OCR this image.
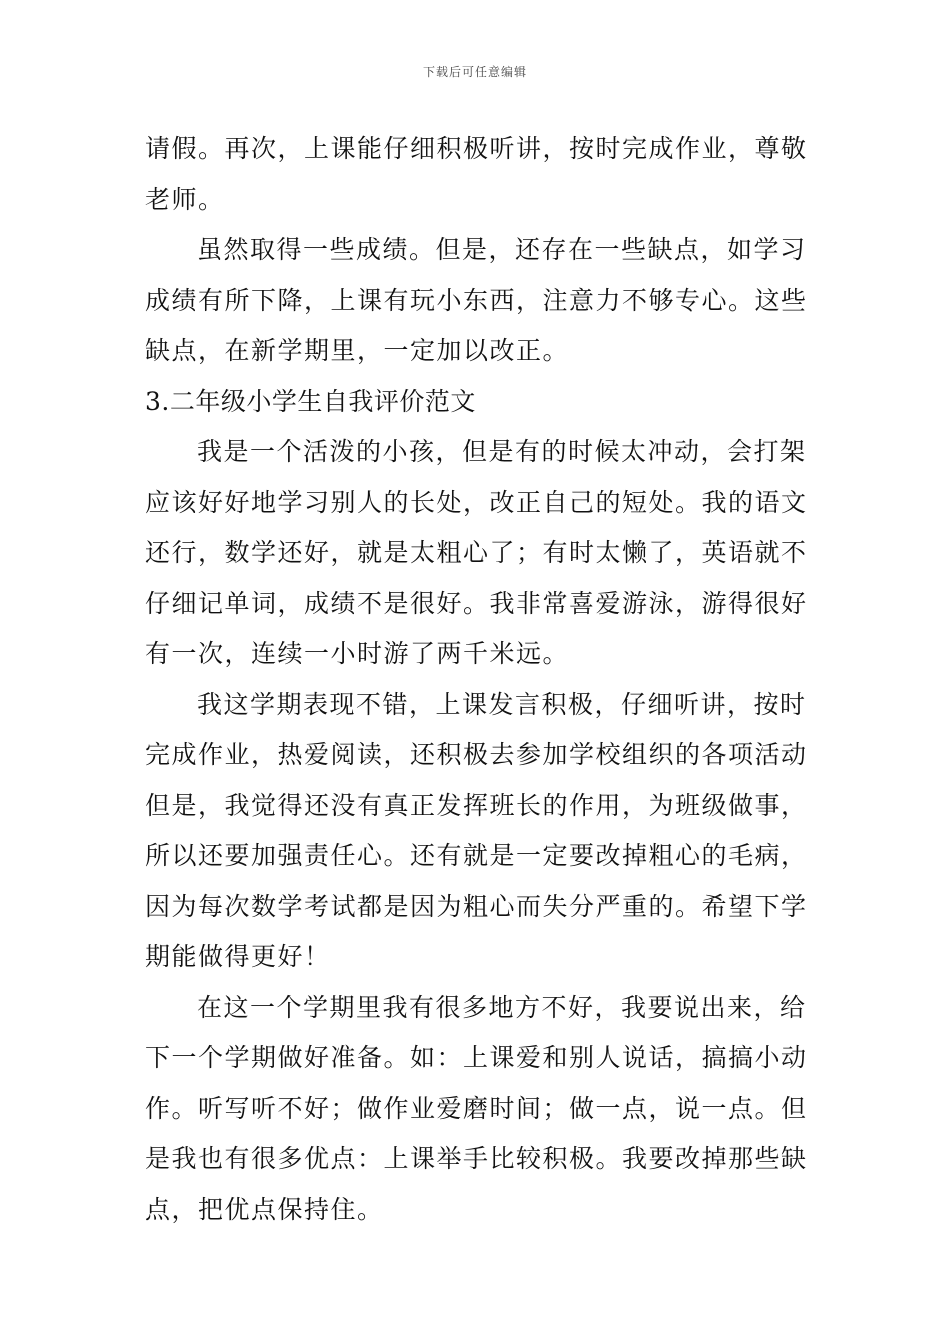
下载后可任意编辑
请假。再次，上课能仔细积极听讲，按时完成作业，尊敬
老师。
虽然取得一些成绩。但是，还存在一些缺点，如学习
成绩有所下降，上课有玩小东西，注意力不够专心。这些
缺点，在新学期里，一定加以改正。
3.二年级小学生自我评价范文
我是一个活泼的小孩，但是有的时候太冲动，会打架
应该好好地学习别人的长处，改正自己的短处。我的语文
还行，数学还好，就是太粗心了；有时太懒了，英语就不
仔细记单词，成绩不是很好。我非常喜爱游泳，游得很好
有一次，连续一小时游了两千米远。
我这学期表现不错，上课发言积极，仔细听讲，按时
完成作业，热爱阅读，还积极去参加学校组织的各项活动
但是，我觉得还没有真正发挥班长的作用，为班级做事，
所以还要加强责任心。还有就是一定要改掉粗心的毛病，
因为每次数学考试都是因为粗心而失分严重的。希望下学
期能做得更好！
在这一个学期里我有很多地方不好，我要说出来，给
下一个学期做好准备。如：上课爱和别人说话，搞搞小动
作。听写听不好；做作业爱磨时间；做一点，说一点。但
是我也有很多优点：上课举手比较积极。我要改掉那些缺
点，把优点保持住。
